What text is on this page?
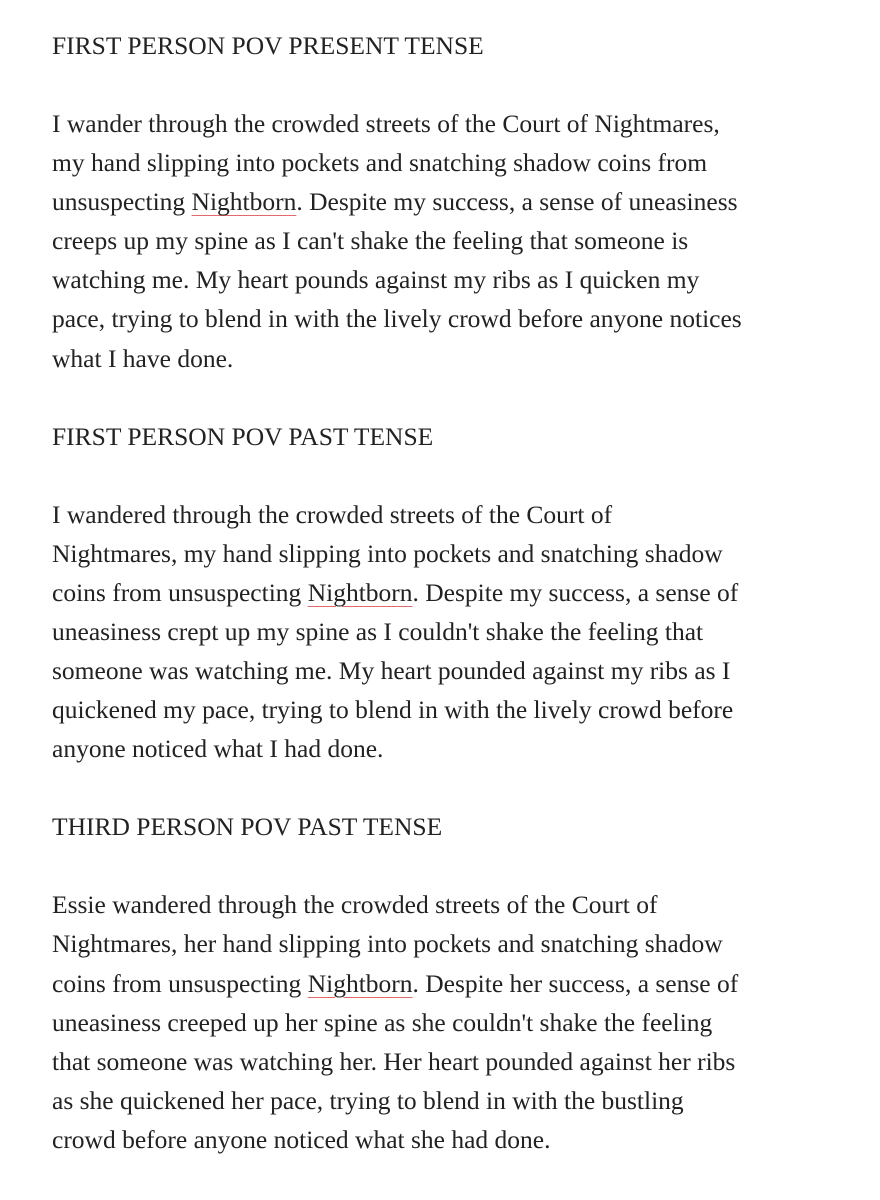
FIRST PERSON POV PRESENT TENSE

I wander through the crowded streets of the Court of Nightmares,
my hand slipping into pockets and snatching shadow coins from
unsuspecting Nightborn. Despite my success, a sense of uneasiness
creeps up my spine as I can't shake the feeling that someone is
watching me. My heart pounds against my ribs as I quicken my
pace, trying to blend in with the lively crowd before anyone notices
what I have done.

FIRST PERSON POV PAST TENSE

I wandered through the crowded streets of the Court of
Nightmares, my hand slipping into pockets and snatching shadow
coins from unsuspecting Nightborn. Despite my success, a sense of
uneasiness crept up my spine as I couldn't shake the feeling that
someone was watching me. My heart pounded against my ribs as I
quickened my pace, trying to blend in with the lively crowd before
anyone noticed what I had done.

THIRD PERSON POV PAST TENSE

Essie wandered through the crowded streets of the Court of
Nightmares, her hand slipping into pockets and snatching shadow
coins from unsuspecting Nightborn. Despite her success, a sense of
uneasiness creeped up her spine as she couldn't shake the feeling
that someone was watching her. Her heart pounded against her ribs
as she quickened her pace, trying to blend in with the bustling
crowd before anyone noticed what she had done.
